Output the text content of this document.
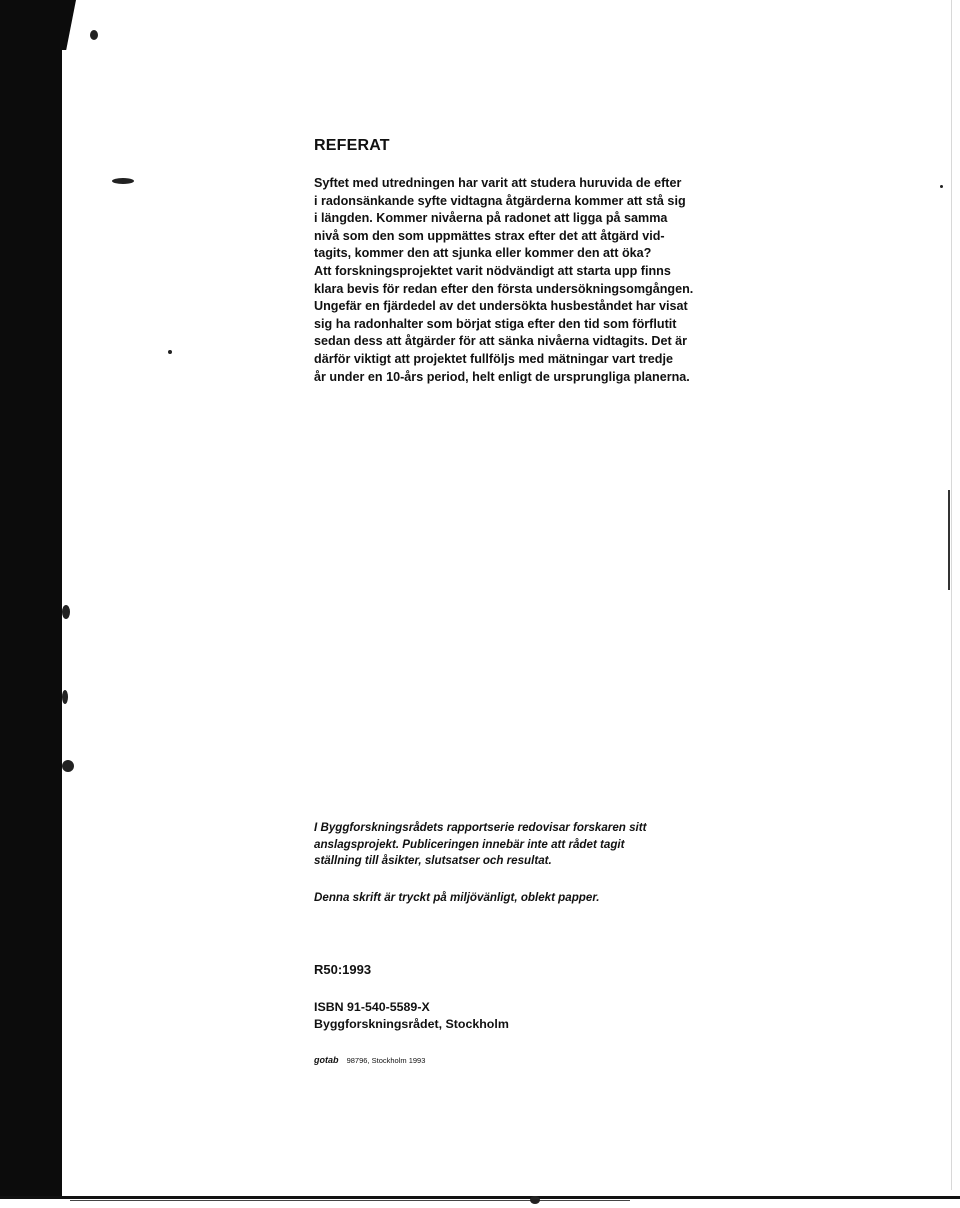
REFERAT

Syftet med utredningen har varit att studera huruvida de efter
i radonsänkande syfte vidtagna åtgärderna kommer att stå sig
i längden. Kommer nivåerna på radonet att ligga på samma
nivå som den som uppmättes strax efter det att åtgärd vid-
tagits, kommer den att sjunka eller kommer den att öka?
Att forskningsprojektet varit nödvändigt att starta upp finns
klara bevis för redan efter den första undersökningsomgången.
Ungefär en fjärdedel av det undersökta husbeståndet har visat
sig ha radonhalter som börjat stiga efter den tid som förflutit
sedan dess att åtgärder för att sänka nivåerna vidtagits. Det är
därför viktigt att projektet fullföljs med mätningar vart tredje
år under en 10-års period, helt enligt de ursprungliga planerna.

I Byggforskningsrådets rapportserie redovisar forskaren sitt
anslagsprojekt. Publiceringen innebär inte att rådet tagit
ställning till åsikter, slutsatser och resultat.

Denna skrift är tryckt på miljövänligt, oblekt papper.

R50:1993

ISBN 91-540-5589-X

Byggforskningsrådet, Stockholm

gotab 98796, Stockholm 1993
